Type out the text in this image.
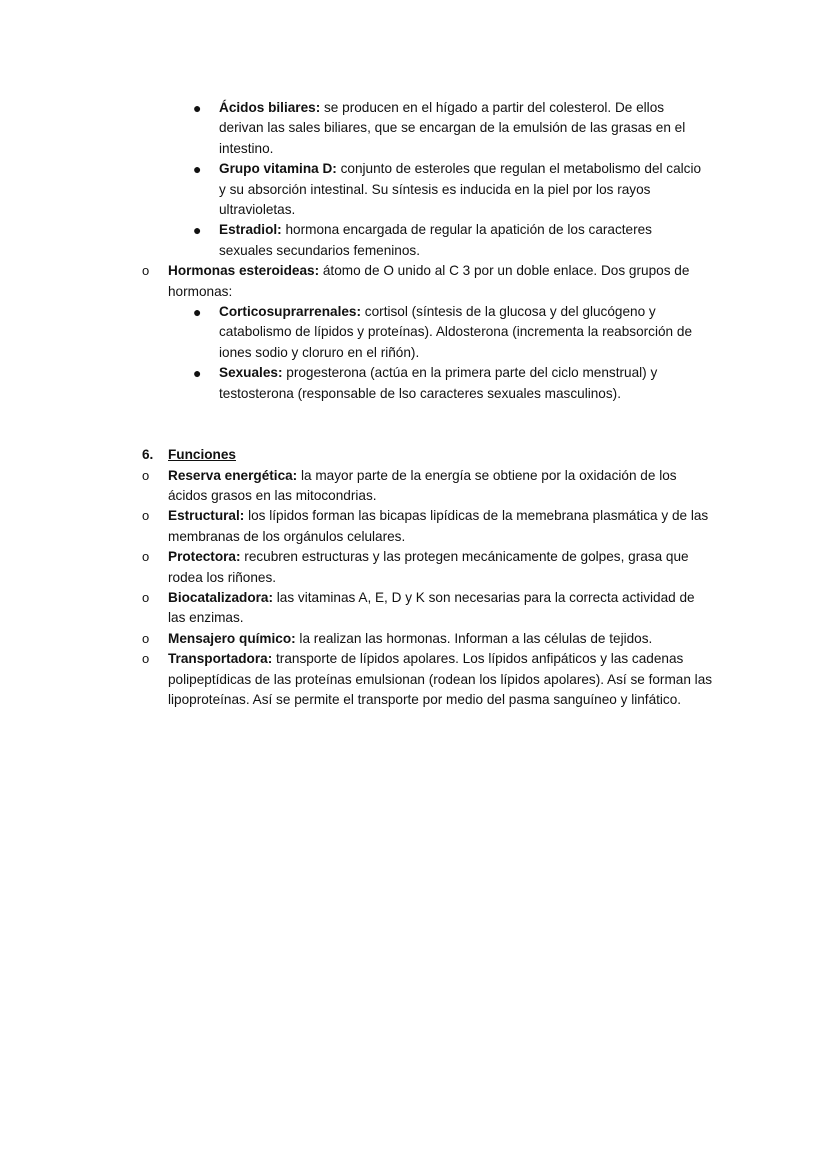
●	Ácidos biliares: se producen en el hígado a partir del colesterol. De ellos derivan las sales biliares, que se encargan de la emulsión de las grasas en el intestino.
●	Grupo vitamina D: conjunto de esteroles que regulan el metabolismo del calcio y su absorción intestinal. Su síntesis es inducida en la piel por los rayos ultravioletas.
●	Estradiol: hormona encargada de regular la apatición de los caracteres sexuales secundarios femeninos.
o	Hormonas esteroideas: átomo de O unido al C 3 por un doble enlace. Dos grupos de hormonas:
●	Corticosuprarrenales: cortisol (síntesis de la glucosa y del glucógeno y catabolismo de lípidos y proteínas). Aldosterona (incrementa la reabsorción de iones sodio y cloruro en el riñón).
●	Sexuales: progesterona (actúa en la primera parte del ciclo menstrual) y testosterona (responsable de lso caracteres sexuales masculinos).
6. Funciones
o	Reserva energética: la mayor parte de la energía se obtiene por la oxidación de los ácidos grasos en las mitocondrias.
o	Estructural: los lípidos forman las bicapas lipídicas de la memebrana plasmática y de las membranas de los orgánulos celulares.
o	Protectora: recubren estructuras y las protegen mecánicamente de golpes, grasa que rodea los riñones.
o	Biocatalizadora: las vitaminas A, E, D y K son necesarias para la correcta actividad de las enzimas.
o	Mensajero químico: la realizan las hormonas. Informan a las células de tejidos.
o	Transportadora: transporte de lípidos apolares. Los lípidos anfipáticos y las cadenas polipeptídicas de las proteínas emulsionan (rodean los lípidos apolares). Así se forman las lipoproteínas. Así se permite el transporte por medio del pasma sanguíneo y linfático.
